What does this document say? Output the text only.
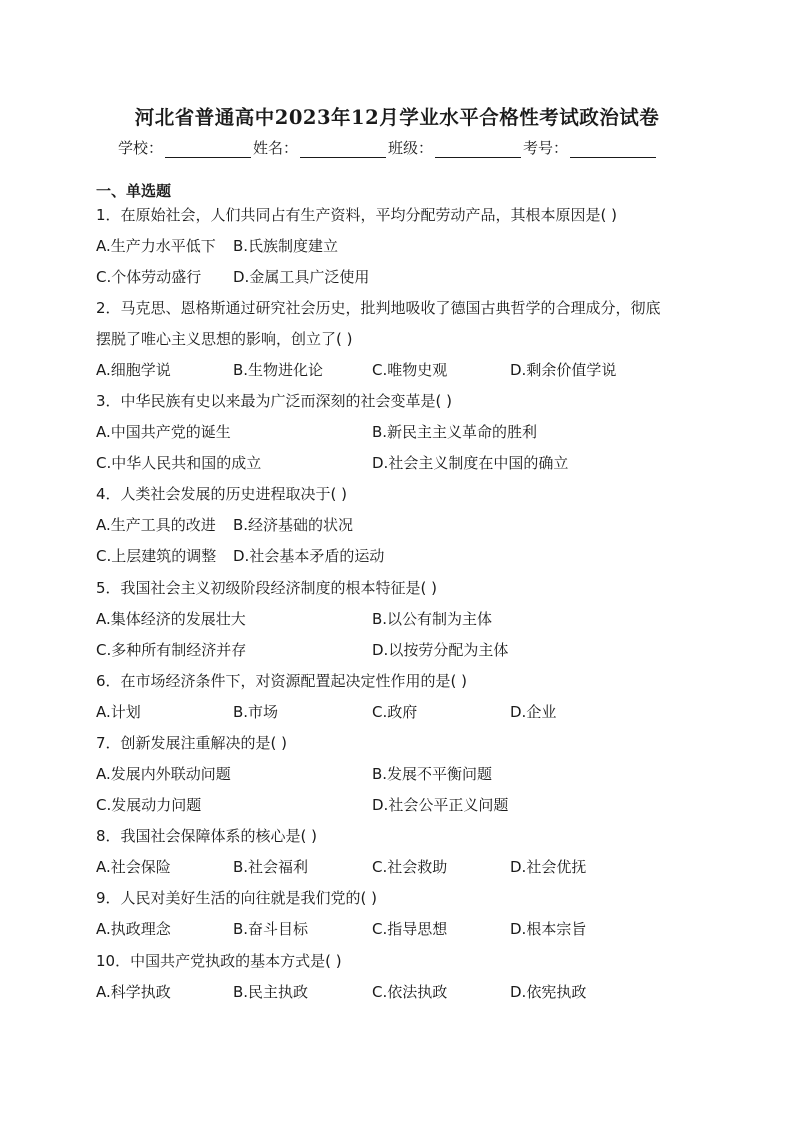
河北省普通高中2023年12月学业水平合格性考试政治试卷
学校：	姓名：	班级：	考号：
一、单选题
1．在原始社会，人们共同占有生产资料，平均分配劳动产品，其根本原因是( )
A.生产力水平低下 B.氏族制度建立
C.个体劳动盛行 D.金属工具广泛使用
2．马克思、恩格斯通过研究社会历史，批判地吸收了德国古典哲学的合理成分，彻底
摆脱了唯心主义思想的影响，创立了( )
A.细胞学说	B.生物进化论	C.唯物史观	D.剩余价值学说
3．中华民族有史以来最为广泛而深刻的社会变革是( )
A.中国共产党的诞生	B.新民主主义革命的胜利
C.中华人民共和国的成立	D.社会主义制度在中国的确立
4．人类社会发展的历史进程取决于( )
A.生产工具的改进 B.经济基础的状况
C.上层建筑的调整 D.社会基本矛盾的运动
5．我国社会主义初级阶段经济制度的根本特征是( )
A.集体经济的发展壮大	B.以公有制为主体
C.多种所有制经济并存	D.以按劳分配为主体
6．在市场经济条件下，对资源配置起决定性作用的是( )
A.计划	B.市场	C.政府	D.企业
7．创新发展注重解决的是( )
A.发展内外联动问题	B.发展不平衡问题
C.发展动力问题	D.社会公平正义问题
8．我国社会保障体系的核心是( )
A.社会保险	B.社会福利	C.社会救助	D.社会优抚
9．人民对美好生活的向往就是我们党的( )
A.执政理念	B.奋斗目标	C.指导思想	D.根本宗旨
10．中国共产党执政的基本方式是( )
A.科学执政	B.民主执政	C.依法执政	D.依宪执政
